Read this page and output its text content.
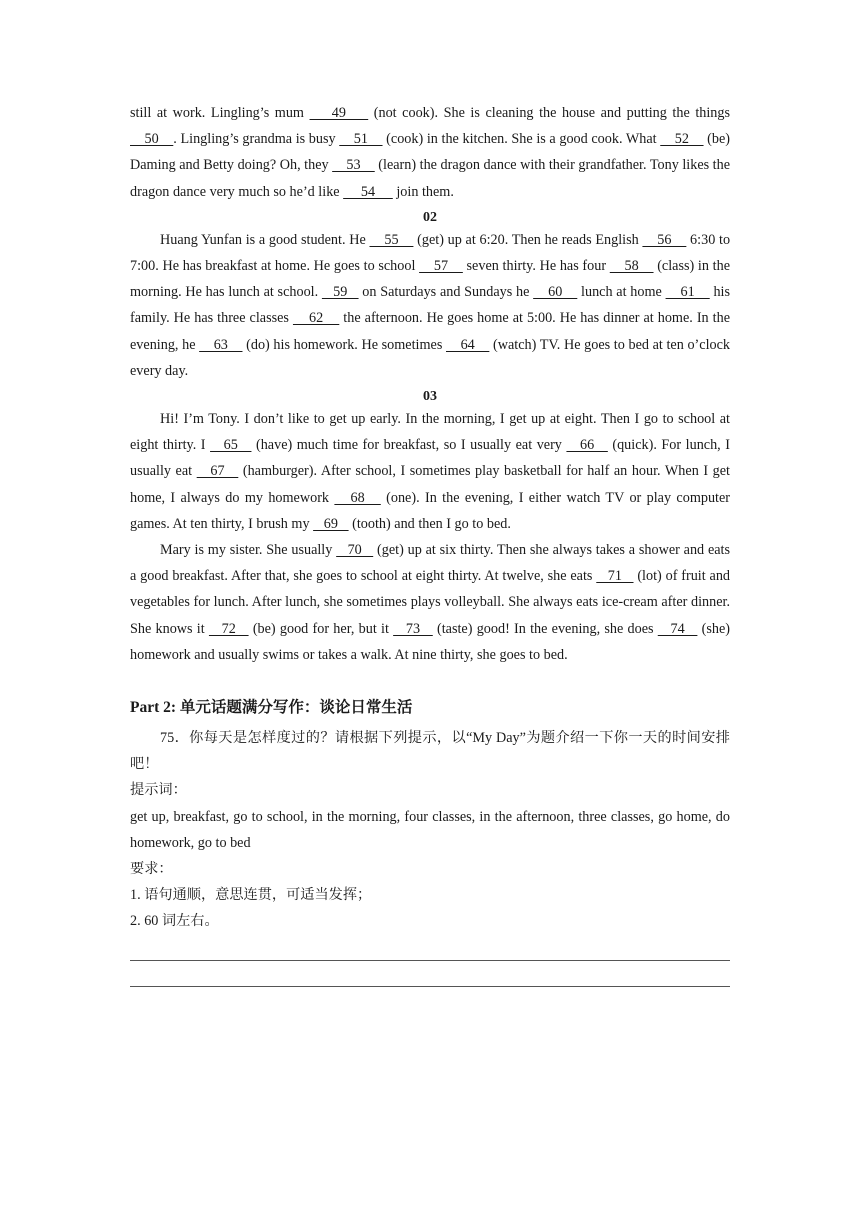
still at work. Lingling’s mum     49     (not cook). She is cleaning the house and putting the things     50    . Lingling’s grandma is busy     51     (cook) in the kitchen. She is a good cook. What     52     (be) Daming and Betty doing? Oh, they     53     (learn) the dragon dance with their grandfather. Tony likes the dragon dance very much so he’d like      54      join them.

02

Huang Yunfan is a good student. He     55     (get) up at 6:20. Then he reads English     56     6:30 to 7:00. He has breakfast at home. He goes to school     57     seven thirty. He has four     58     (class) in the morning. He has lunch at school.    59    on Saturdays and Sundays he     60     lunch at home     61     his family. He has three classes     62     the afternoon. He goes home at 5:00. He has dinner at home. In the evening, he     63     (do) his homework. He sometimes     64     (watch) TV. He goes to bed at ten o’clock every day.

03

Hi! I’m Tony. I don’t like to get up early. In the morning, I get up at eight. Then I go to school at eight thirty. I    65    (have) much time for breakfast, so I usually eat very    66    (quick). For lunch, I usually eat    67    (hamburger). After school, I sometimes play basketball for half an hour. When I get home, I always do my homework    68    (one). In the evening, I either watch TV or play computer games. At ten thirty, I brush my    69    (tooth) and then I go to bed.

Mary is my sister. She usually    70    (get) up at six thirty. Then she always takes a shower and eats a good breakfast. After that, she goes to school at eight thirty. At twelve, she eats    71    (lot) of fruit and vegetables for lunch. After lunch, she sometimes plays volleyball. She always eats ice-cream after dinner. She knows it    72    (be) good for her, but it    73    (taste) good! In the evening, she does    74    (she) homework and usually swims or takes a walk. At nine thirty, she goes to bed.

Part 2: 单元话题满分写作：谈论日常生活

75．你每天是怎样度过的？请根据下列提示，以“My Day”为题介绍一下你一天的时间安排吧！

提示词：

get up, breakfast, go to school, in the morning, four classes, in the afternoon, three classes, go home, do homework, go to bed

要求：

1. 语句通顺，意思连贯，可适当发挥；

2. 60 词左右。
